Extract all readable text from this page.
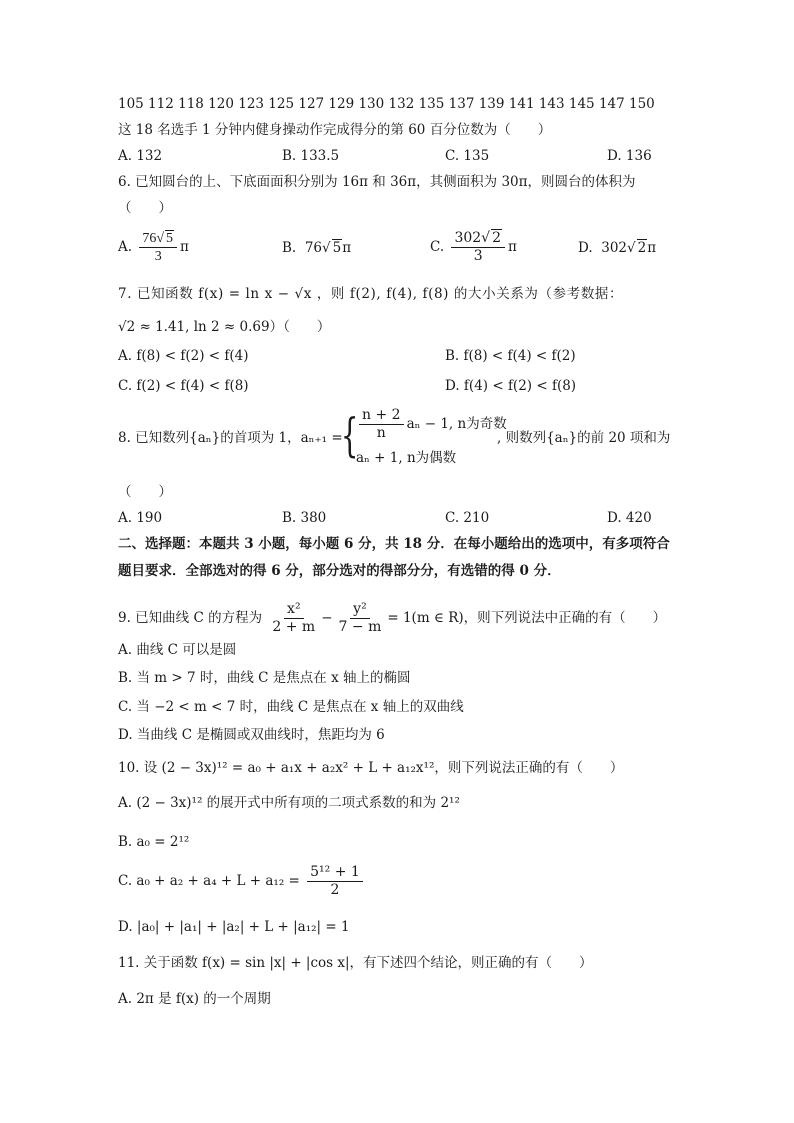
105 112 118 120 123 125 127 129 130 132 135 137 139 141 143 145 147 150
这 18 名选手 1 分钟内健身操动作完成得分的第 60 百分位数为（　　）
A. 132	B. 133.5	C. 135	D. 136
6. 已知圆台的上、下底面面积分别为 16π 和 36π，其侧面积为 30π，则圆台的体积为
（　　）
A. $\frac{76√ 5}{3}$ π	B. 76√ 5π	C. $\frac{302√ 2}{3}$ π	D. 302√ 2π
7. 已知函数 f(x) = ln x − √x ，则 f(2), f(4), f(8) 的大小关系为（参考数据：
√2 ≈ 1.41, ln 2 ≈ 0.69）（　　）
A. f(8) < f(2) < f(4)	B. f(8) < f(4) < f(2)
C. f(2) < f(4) < f(8)	D. f(4) < f(2) < f(8)
8. 已知数列{aₙ}的首项为 1，aₙ₊₁ =
{ $\frac{n + 2}{n}$ aₙ − 1, n为奇数
aₙ + 1, n为偶数
, 则数列{aₙ}的前 20 项和为
（　　）
A. 190	B. 380	C. 210	D. 420
二、选择题：本题共 3 小题，每小题 6 分，共 18 分．在每小题给出的选项中，有多项符合
题目要求．全部选对的得 6 分，部分选对的得部分分，有选错的得 0 分．
9. 已知曲线 C 的方程为 $\frac{\text{x²}}{2 + m} - \frac{\text{y²}}{7 - m} = 1(m$ ∈ R)，则下列说法中正确的有（　　）
A. 曲线 C 可以是圆
B. 当 m > 7 时，曲线 C 是焦点在 x 轴上的椭圆
C. 当 −2 < m < 7 时，曲线 C 是焦点在 x 轴上的双曲线
D. 当曲线 C 是椭圆或双曲线时，焦距均为 6
10. 设 (2 − 3x)¹² = a₀ + a₁x + a₂x² + L + a₁₂x¹²，则下列说法正确的有（　　）
A. (2 − 3x)¹² 的展开式中所有项的二项式系数的和为 2¹²
B. a₀ = 2¹²
C. $a_0 + a_2 + a_4 + L + a_{12} = \frac{\text{5¹² + 1}}{2}$
D. |a₀| + |a₁| + |a₂| + L + |a₁₂| = 1
11. 关于函数 f(x) = sin |x| + |cos x|，有下述四个结论，则正确的有（　　）
A. 2π 是 f(x) 的一个周期
